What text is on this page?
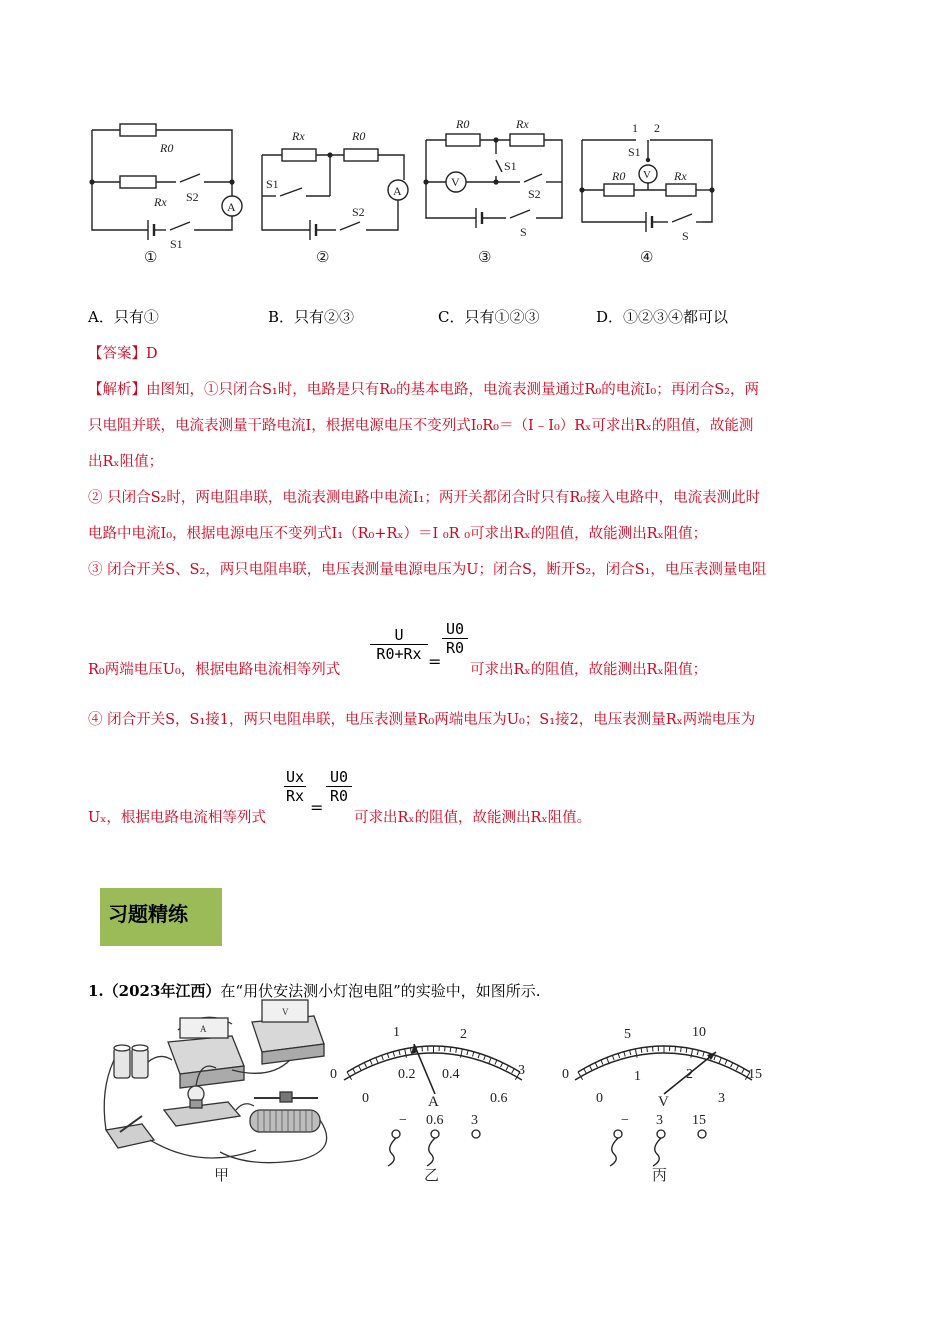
R0
Rx S2
S1
A
①
Rx	R0
S1
S2
A
②
R0	Rx
S1
S2
S
V
③
1 2
S1
R0	Rx
S
V
④
A．只有①	B．只有②③	C．只有①②③	D．①②③④都可以
【答案】D
【解析】由图知，①只闭合S₁时，电路是只有R₀的基本电路，电流表测量通过R₀的电流I₀；再闭合S₂，两
只电阻并联，电流表测量干路电流I，根据电源电压不变列式I₀R₀＝（I﹣I₀）Rₓ可求出Rₓ的阻值，故能测
出Rₓ阻值；
② 只闭合S₂时，两电阻串联，电流表测电路中电流I₁；两开关都闭合时只有R₀接入电路中，电流表测此时
电路中电流I₀，根据电源电压不变列式I₁（R₀+Rₓ）＝I ₀R ₀可求出Rₓ的阻值，故能测出Rₓ阻值；
③ 闭合开关S、S₂，两只电阻串联，电压表测量电源电压为U；闭合S，断开S₂，闭合S₁，电压表测量电阻
R₀两端电压U₀，根据电路电流相等列式
U
R0+Rx =
U0
R0
可求出Rₓ的阻值，故能测出Rₓ阻值；
④ 闭合开关S，S₁接1，两只电阻串联，电压表测量R₀两端电压为U₀；S₁接2，电压表测量Rₓ两端电压为
Uₓ，根据电路电流相等列式
Ux
Rx
=
U0
R0
可求出Rₓ的阻值，故能测出Rₓ阻值。
习题精练
1.（2023年江西）在“用伏安法测小灯泡电阻”的实验中，如图所示.
甲
A
V
0
1	2
3
0
0.2 0.4
0.6
A
− 0.6 3
乙
0
5	10
15
0
1	2
3
V
− 3 15
丙
